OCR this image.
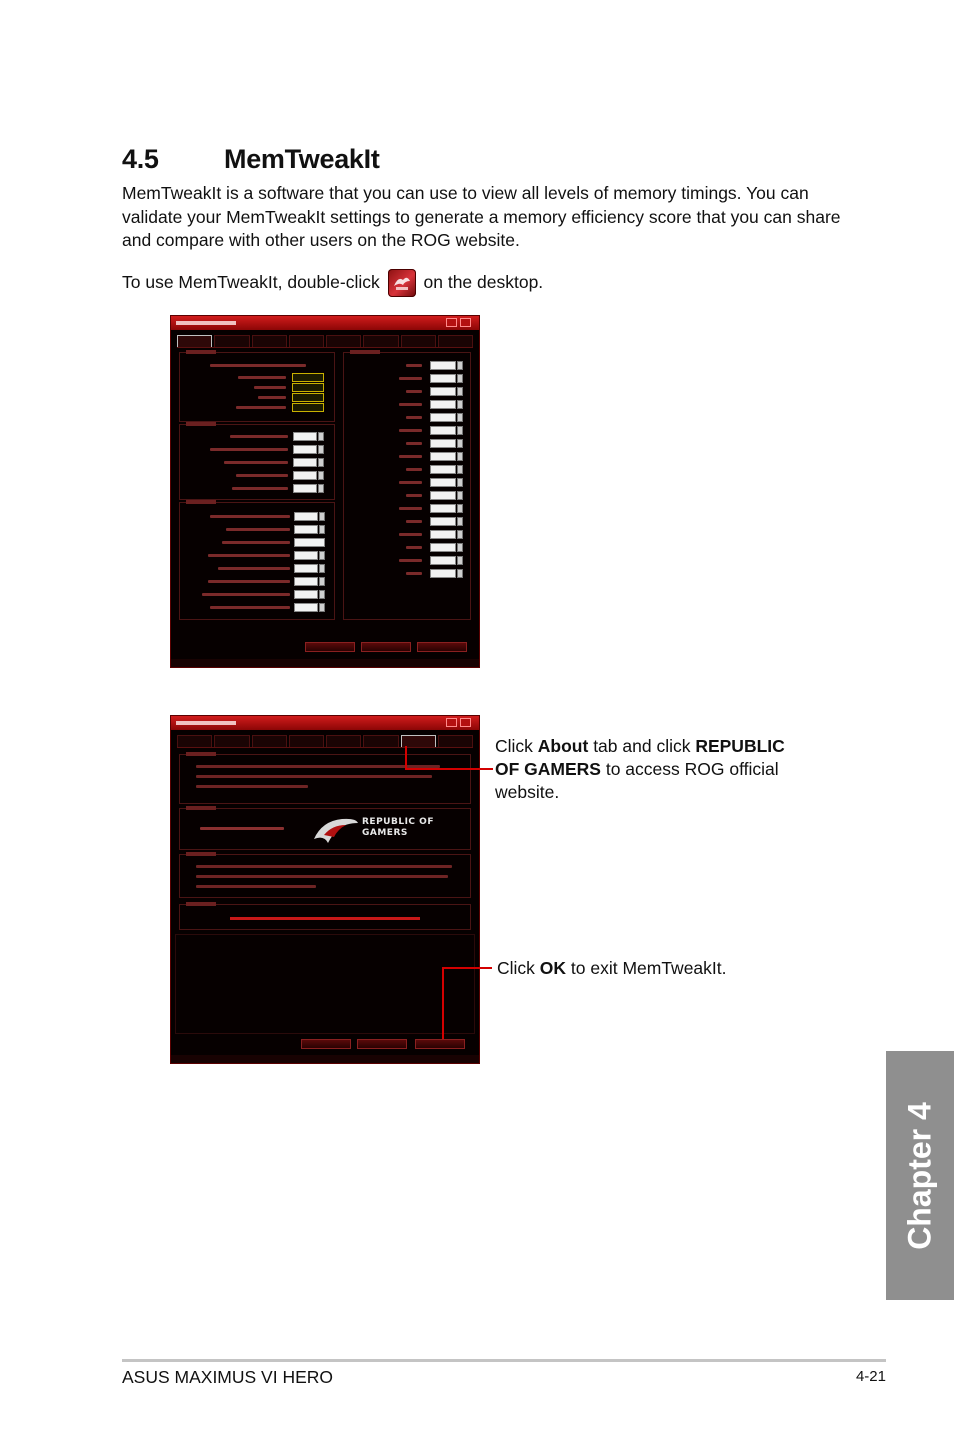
4.5 MemTweakIt

MemTweakIt is a software that you can use to view all levels of memory timings. You can validate your MemTweakIt settings to generate a memory efficiency score that you can share and compare with other users on the ROG website.

To use MemTweakIt, double-click	on the desktop.

REPUBLIC OF
GAMERS

Click About tab and click REPUBLIC OF GAMERS to access ROG official website.

Click OK to exit MemTweakIt.

Chapter 4
ASUS MAXIMUS VI HERO	4-21
